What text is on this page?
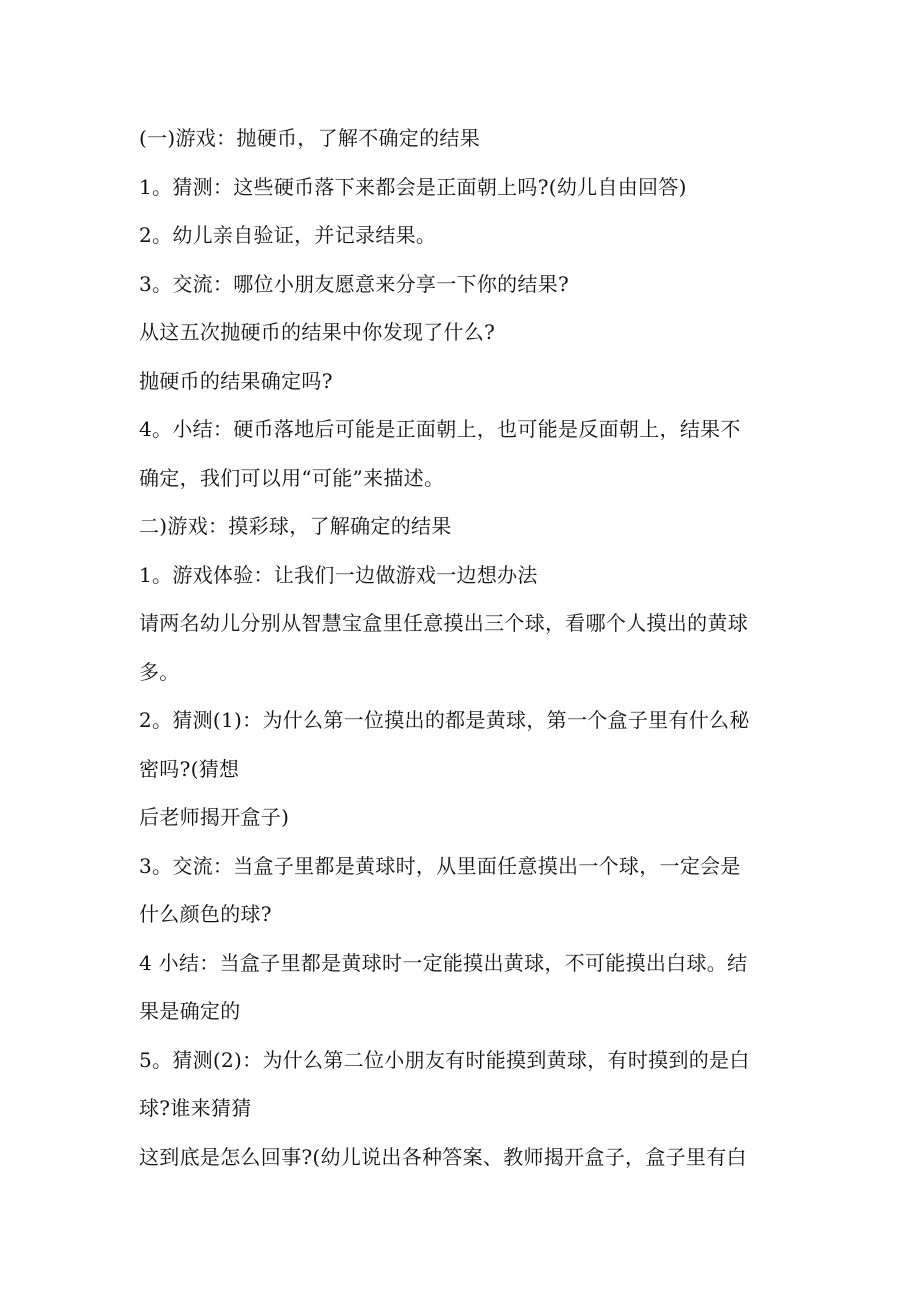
(一)游戏：抛硬币，了解不确定的结果
1。猜测：这些硬币落下来都会是正面朝上吗?(幼儿自由回答)
2。幼儿亲自验证，并记录结果。
3。交流：哪位小朋友愿意来分享一下你的结果?
从这五次抛硬币的结果中你发现了什么?
抛硬币的结果确定吗?
4。小结：硬币落地后可能是正面朝上，也可能是反面朝上，结果不
确定，我们可以用“可能”来描述。
二)游戏：摸彩球，了解确定的结果
1。游戏体验：让我们一边做游戏一边想办法
请两名幼儿分别从智慧宝盒里任意摸出三个球，看哪个人摸出的黄球
多。
2。猜测(1)：为什么第一位摸出的都是黄球，第一个盒子里有什么秘
密吗?(猜想
后老师揭开盒子)
3。交流：当盒子里都是黄球时，从里面任意摸出一个球，一定会是
什么颜色的球?
4 小结：当盒子里都是黄球时一定能摸出黄球，不可能摸出白球。结
果是确定的
5。猜测(2)：为什么第二位小朋友有时能摸到黄球，有时摸到的是白
球?谁来猜猜
这到底是怎么回事?(幼儿说出各种答案、教师揭开盒子，盒子里有白
